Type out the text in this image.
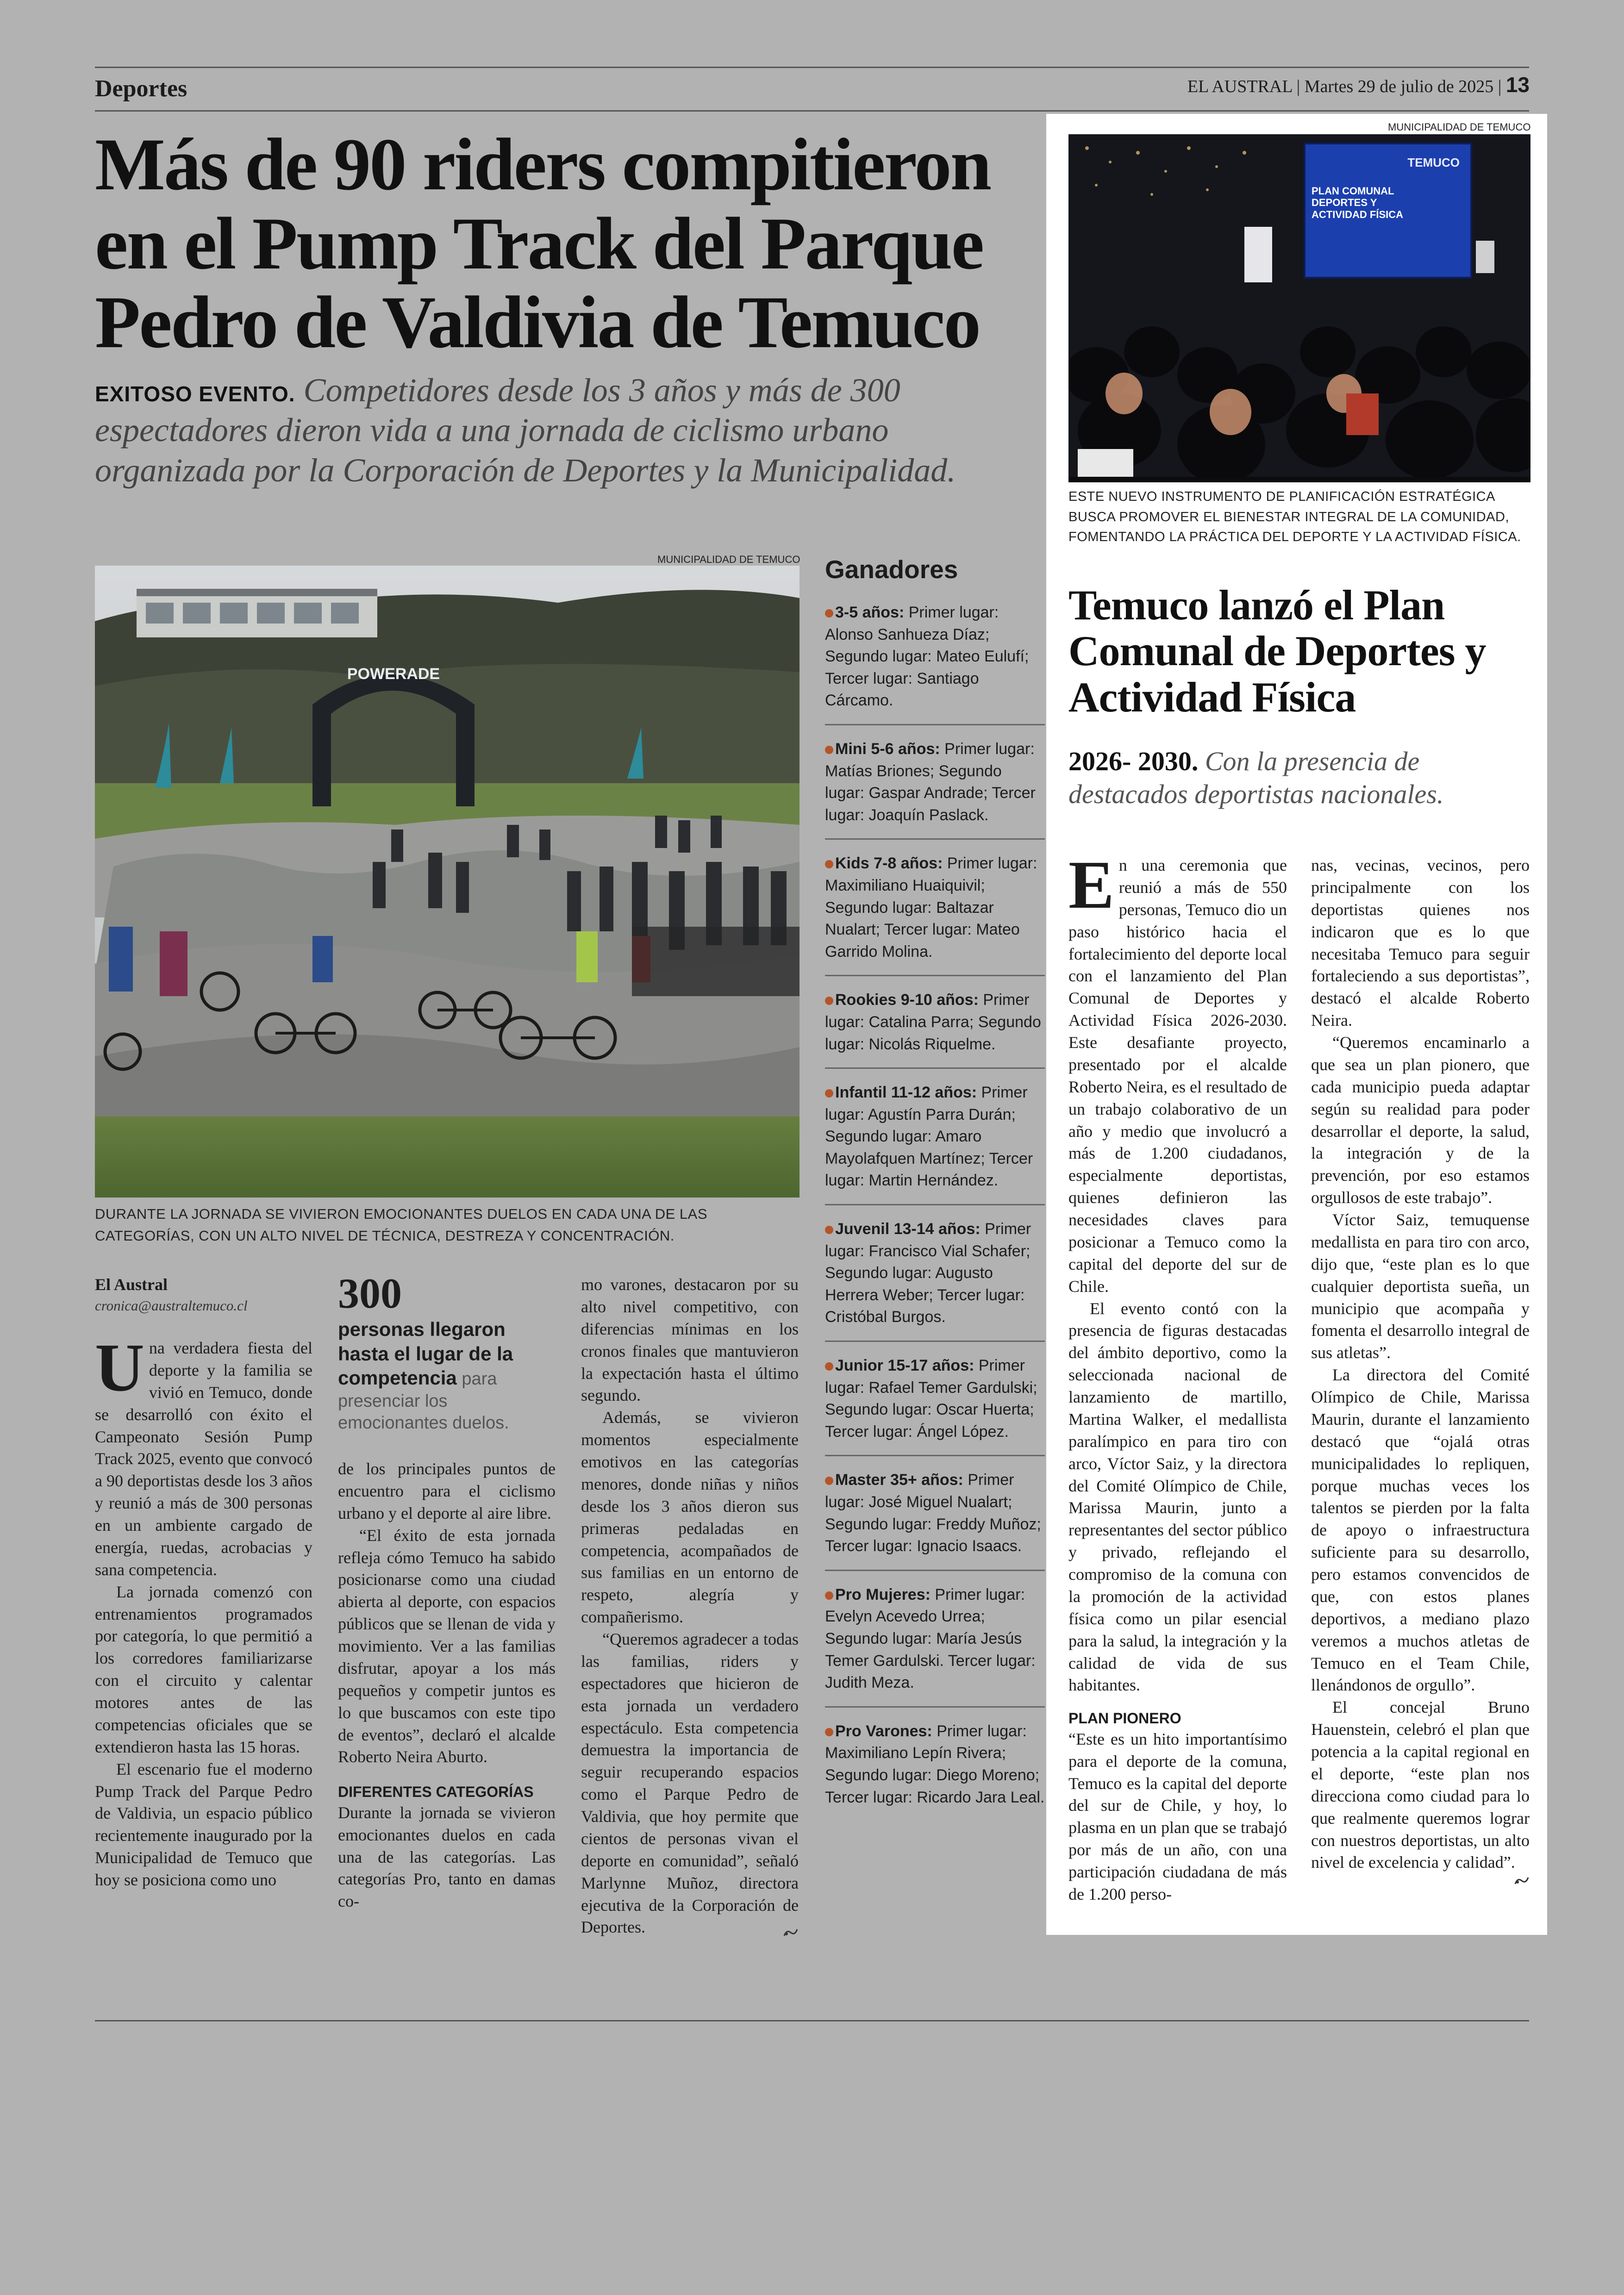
Deportes	EL AUSTRAL | Martes 29 de julio de 2025 | 13
Más de 90 riders compitieron en el Pump Track del Parque Pedro de Valdivia de Temuco

EXITOSO EVENTO. Competidores desde los 3 años y más de 300 espectadores dieron vida a una jornada de ciclismo urbano organizada por la Corporación de Deportes y la Municipalidad.

MUNICIPALIDAD DE TEMUCO
POWERADE
DURANTE LA JORNADA SE VIVIERON EMOCIONANTES DUELOS EN CADA UNA DE LAS CATEGORÍAS, CON UN ALTO NIVEL DE TÉCNICA, DESTREZA Y CONCENTRACIÓN.
El Austral
cronica@australtemuco.cl

Una verdadera fiesta del deporte y la familia se vivió en Temuco, donde se desarrolló con éxito el Campeonato Sesión Pump Track 2025, evento que convocó a 90 deportistas desde los 3 años y reunió a más de 300 personas en un ambiente cargado de energía, ruedas, acrobacias y sana competencia.

La jornada comenzó con entrenamientos programados por categoría, lo que permitió a los corredores familiarizarse con el circuito y calentar motores antes de las competencias oficiales que se extendieron hasta las 15 horas.

El escenario fue el moderno Pump Track del Parque Pedro de Valdivia, un espacio público recientemente inaugurado por la Municipalidad de Temuco que hoy se posiciona como uno

300
personas llegaron hasta el lugar de la competencia para presenciar los emocionantes duelos.

de los principales puntos de encuentro para el ciclismo urbano y el deporte al aire libre.

“El éxito de esta jornada refleja cómo Temuco ha sabido posicionarse como una ciudad abierta al deporte, con espacios públicos que se llenan de vida y movimiento. Ver a las familias disfrutar, apoyar a los más pequeños y competir juntos es lo que buscamos con este tipo de eventos”, declaró el alcalde Roberto Neira Aburto.

DIFERENTES CATEGORÍAS

Durante la jornada se vivieron emocionantes duelos en cada una de las categorías. Las categorías Pro, tanto en damas co-

mo varones, destacaron por su alto nivel competitivo, con diferencias mínimas en los cronos finales que mantuvieron la expectación hasta el último segundo.

Además, se vivieron momentos especialmente emotivos en las categorías menores, donde niñas y niños desde los 3 años dieron sus primeras pedaladas en competencia, acompañados de sus familias en un entorno de respeto, alegría y compañerismo.

“Queremos agradecer a todas las familias, riders y espectadores que hicieron de esta jornada un verdadero espectáculo. Esta competencia demuestra la importancia de seguir recuperando espacios como el Parque Pedro de Valdivia, que hoy permite que cientos de personas vivan el deporte en comunidad”, señaló Marlynne Muñoz, directora ejecutiva de la Corporación de Deportes.

Ganadores
3-5 años: Primer lugar: Alonso Sanhueza Díaz; Segundo lugar: Mateo Eulufí; Tercer lugar: Santiago Cárcamo.
Mini 5-6 años: Primer lugar: Matías Briones; Segundo lugar: Gaspar Andrade; Tercer lugar: Joaquín Paslack.
Kids 7-8 años: Primer lugar: Maximiliano Huaiquivil; Segundo lugar: Baltazar Nualart; Tercer lugar: Mateo Garrido Molina.
Rookies 9-10 años: Primer lugar: Catalina Parra; Segundo lugar: Nicolás Riquelme.
Infantil 11-12 años: Primer lugar: Agustín Parra Durán; Segundo lugar: Amaro Mayolafquen Martínez; Tercer lugar: Martin Hernández.
Juvenil 13-14 años: Primer lugar: Francisco Vial Schafer; Segundo lugar: Augusto Herrera Weber; Tercer lugar: Cristóbal Burgos.
Junior 15-17 años: Primer lugar: Rafael Temer Gardulski; Segundo lugar: Oscar Huerta; Tercer lugar: Ángel López.
Master 35+ años: Primer lugar: José Miguel Nualart; Segundo lugar: Freddy Muñoz; Tercer lugar: Ignacio Isaacs.
Pro Mujeres: Primer lugar: Evelyn Acevedo Urrea; Segundo lugar: María Jesús Temer Gardulski. Tercer lugar: Judith Meza.
Pro Varones: Primer lugar: Maximiliano Lepín Rivera; Segundo lugar: Diego Moreno; Tercer lugar: Ricardo Jara Leal.
MUNICIPALIDAD DE TEMUCO
TEMUCO
PLAN COMUNAL DEPORTES Y ACTIVIDAD FÍSICA
ESTE NUEVO INSTRUMENTO DE PLANIFICACIÓN ESTRATÉGICA BUSCA PROMOVER EL BIENESTAR INTEGRAL DE LA COMUNIDAD, FOMENTANDO LA PRÁCTICA DEL DEPORTE Y LA ACTIVIDAD FÍSICA.
Temuco lanzó el Plan Comunal de Deportes y Actividad Física

2026- 2030. Con la presencia de destacados deportistas nacionales.

En una ceremonia que reunió a más de 550 personas, Temuco dio un paso histórico hacia el fortalecimiento del deporte local con el lanzamiento del Plan Comunal de Deportes y Actividad Física 2026-2030. Este desafiante proyecto, presentado por el alcalde Roberto Neira, es el resultado de un trabajo colaborativo de un año y medio que involucró a más de 1.200 ciudadanos, especialmente deportistas, quienes definieron las necesidades claves para posicionar a Temuco como la capital del deporte del sur de Chile.

El evento contó con la presencia de figuras destacadas del ámbito deportivo, como la seleccionada nacional de lanzamiento de martillo, Martina Walker, el medallista paralímpico en para tiro con arco, Víctor Saiz, y la directora del Comité Olímpico de Chile, Marissa Maurin, junto a representantes del sector público y privado, reflejando el compromiso de la comuna con la promoción de la actividad física como un pilar esencial para la salud, la integración y la calidad de vida de sus habitantes.

PLAN PIONERO

“Este es un hito importantísimo para el deporte de la comuna, Temuco es la capital del deporte del sur de Chile, y hoy, lo plasma en un plan que se trabajó por más de un año, con una participación ciudadana de más de 1.200 perso-

nas, vecinas, vecinos, pero principalmente con los deportistas quienes nos indicaron que es lo que necesitaba Temuco para seguir fortaleciendo a sus deportistas”, destacó el alcalde Roberto Neira.

“Queremos encaminarlo a que sea un plan pionero, que cada municipio pueda adaptar según su realidad para poder desarrollar el deporte, la salud, la integración y de la prevención, por eso estamos orgullosos de este trabajo”.

Víctor Saiz, temuquense medallista en para tiro con arco, dijo que, “este plan es lo que cualquier deportista sueña, un municipio que acompaña y fomenta el desarrollo integral de sus atletas”.

La directora del Comité Olímpico de Chile, Marissa Maurin, durante el lanzamiento destacó que “ojalá otras municipalidades lo repliquen, porque muchas veces los talentos se pierden por la falta de apoyo o infraestructura suficiente para su desarrollo, pero estamos convencidos de que, con estos planes deportivos, a mediano plazo veremos a muchos atletas de Temuco en el Team Chile, llenándonos de orgullo”.

El concejal Bruno Hauenstein, celebró el plan que potencia a la capital regional en el deporte, “este plan nos direcciona como ciudad para lo que realmente queremos lograr con nuestros deportistas, un alto nivel de excelencia y calidad”.
